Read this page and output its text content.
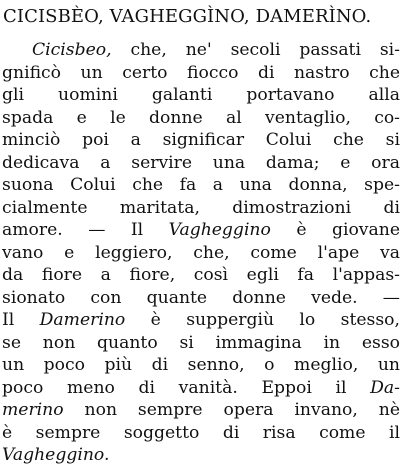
CICISBÈO, VAGHEGGÌNO, DAMERÌNO.
Cicisbeo, che, ne' secoli passati si-
gnificò un certo fiocco di nastro che
gli uomini galanti portavano alla
spada e le donne al ventaglio, co-
minciò poi a significar Colui che si
dedicava a servire una dama; e ora
suona Colui che fa a una donna, spe-
cialmente maritata, dimostrazioni di
amore. — Il Vagheggino è giovane
vano e leggiero, che, come l'ape va
da fiore a fiore, così egli fa l'appas-
sionato con quante donne vede. —
Il Damerino è suppergiù lo stesso,
se non quanto si immagina in esso
un poco più di senno, o meglio, un
poco meno di vanità. Eppoi il Da-
merino non sempre opera invano, nè
è sempre soggetto di risa come il
Vagheggino.
